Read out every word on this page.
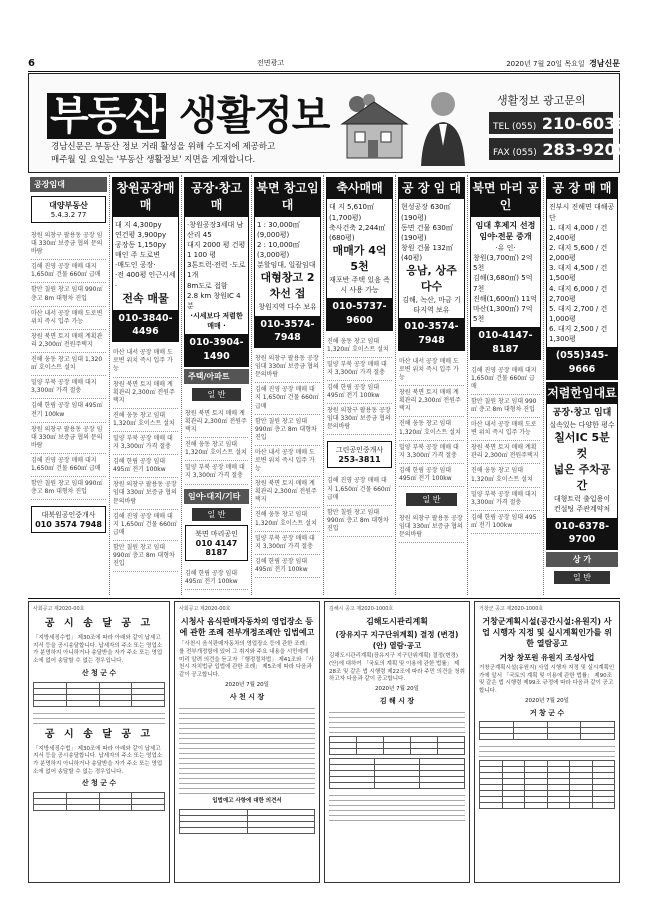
6	전면광고	2020년 7월 20일 목요일 경남신문
부동산 생활정보
경남신문은 부동산 정보 거래 활성을 위해 수도지에 제공하고
매주월 일 요일는 '부동산 생활정보' 지면을 게재합니다.
생활정보 광고문의
TEL (055) 210-6036
FAX (055) 283-9200
공장임대
대양부동산
5.4.3.2 77
창원 의창구 팔용동 공장 임대 330㎡ 보증금 협의 문의바람
김해 진영 공장 매매 대지 1,650㎡ 건물 660㎡ 급매
함안 칠원 창고 임대 990㎡ 층고 8m 대형차 진입
마산 내서 공장 매매 도로변 위치 즉시 입주 가능
창원 북면 토지 매매 계획관리 2,300㎡ 전원주택지
진해 웅동 창고 임대 1,320㎡ 호이스트 설치
밀양 부북 공장 매매 대지 3,300㎡ 가격 절충
김해 한림 공장 임대 495㎡ 전기 100kw
창원 의창구 팔용동 공장 임대 330㎡ 보증금 협의 문의바람
김해 진영 공장 매매 대지 1,650㎡ 건물 660㎡ 급매
함안 칠원 창고 임대 990㎡ 층고 8m 대형차 진입
대북원공인중개사
010 3574 7948
창원공장매매
대 지 4,300py
연건평 3,900py
공장동 1,150py
매인 주 도로변
·매도인 공장·
·전 400평 인근시세 ·
전속 매물
010-3840-4496
마산 내서 공장 매매 도로변 위치 즉시 입주 가능
창원 북면 토지 매매 계획관리 2,300㎡ 전원주택지
진해 웅동 창고 임대 1,320㎡ 호이스트 설치
밀양 부북 공장 매매 대지 3,300㎡ 가격 절충
김해 한림 공장 임대 495㎡ 전기 100kw
창원 의창구 팔용동 공장 임대 330㎡ 보증금 협의 문의바람
김해 진영 공장 매매 대지 1,650㎡ 건물 660㎡ 급매
함안 칠원 창고 임대 990㎡ 층고 8m 대형차 진입
공장·창고 매
·창원공장3세대 남산리 45
대지 2000 평 건평 1 100 평
3톤트럭·전력 ·도로 1개
8m도로 접함
2.8 km 창원IC 4분
·시세보다 저렴한 매매 ·
010-3904-1490
주택/아파트
일 반
창원 북면 토지 매매 계획관리 2,300㎡ 전원주택지
진해 웅동 창고 임대 1,320㎡ 호이스트 설치
밀양 부북 공장 매매 대지 3,300㎡ 가격 절충
임야·대지/기타
일 반
북면 마리공인
010 4147 8187
김해 한림 공장 임대 495㎡ 전기 100kw
북면 창고임대
1 : 30,000㎡(9,000평)
2 : 10,000㎡(3,000평)
분할임대, 일괄임대
대형창고 2차선 접
창원지역 다수 보유
010-3574-7948
창원 의창구 팔용동 공장 임대 330㎡ 보증금 협의 문의바람
김해 진영 공장 매매 대지 1,650㎡ 건물 660㎡ 급매
함안 칠원 창고 임대 990㎡ 층고 8m 대형차 진입
마산 내서 공장 매매 도로변 위치 즉시 입주 가능
창원 북면 토지 매매 계획관리 2,300㎡ 전원주택지
진해 웅동 창고 임대 1,320㎡ 호이스트 설치
밀양 부북 공장 매매 대지 3,300㎡ 가격 절충
김해 한림 공장 임대 495㎡ 전기 100kw
축사매매
대 지 5,610㎡(1,700평)
축사건축 2,244㎡(680평)
매매가 4억 5천
재포반 주택 있음 즉시 사용 가능
010-5737-9600
진해 웅동 창고 임대 1,320㎡ 호이스트 설치
밀양 부북 공장 매매 대지 3,300㎡ 가격 절충
김해 한림 공장 임대 495㎡ 전기 100kw
창원 의창구 팔용동 공장 임대 330㎡ 보증금 협의 문의바람
그린공인중개사
253-3811
김해 진영 공장 매매 대지 1,650㎡ 건물 660㎡ 급매
함안 칠원 창고 임대 990㎡ 층고 8m 대형차 진입
공 장 임 대
현성공장 630㎡(190평)
동면 건물 630㎡(190평)
창원 건물 132㎡(40평)
응남, 상주 다수
김해, 녹산, 마금 기타지역 보유
010-3574-7948
마산 내서 공장 매매 도로변 위치 즉시 입주 가능
창원 북면 토지 매매 계획관리 2,300㎡ 전원주택지
진해 웅동 창고 임대 1,320㎡ 호이스트 설치
밀양 부북 공장 매매 대지 3,300㎡ 가격 절충
김해 한림 공장 임대 495㎡ 전기 100kw
일 반
창원 의창구 팔용동 공장 임대 330㎡ 보증금 협의 문의바람
북면 마리 공인
임대 후제지 선정
임야·전문 중개
·유 인·
창원(3,700㎡) 2억 5천
김해(3,680㎡) 5억 7천
진해(1,600㎡) 11억
마산(1,300㎡) 7억 5천
010-4147-8187
김해 진영 공장 매매 대지 1,650㎡ 건물 660㎡ 급매
함안 칠원 창고 임대 990㎡ 층고 8m 대형차 진입
마산 내서 공장 매매 도로변 위치 즉시 입주 가능
창원 북면 토지 매매 계획관리 2,300㎡ 전원주택지
진해 웅동 창고 임대 1,320㎡ 호이스트 설치
밀양 부북 공장 매매 대지 3,300㎡ 가격 절충
김해 한림 공장 임대 495㎡ 전기 100kw
공 장 매 매
진부시 진해면 대해공단
1. 대지 4,000 / 건 2,400평
2. 대지 5,600 / 건 2,000평
3. 대지 4,500 / 건 1,500평
4. 대지 6,000 / 건 2,700평
5. 대지 2,700 / 건 1,000평
6. 대지 2,500 / 건 1,300평
(055)345-9666
저렴한임대료
공장·창고 임대
실속있는 다양한 평수
칠서IC 5분컷
넓은 주차공간
대형트럭 출입용이
컨설팅 주관계약처
010-6378-9700
상 가
일 반
사회공고 제2020-00호
공 시 송 달 공 고

「지방세징수법」 제30조에 따라 아래와 같이 납세고지서 등을 공시송달합니다. 납세자의 주소 또는 영업소가 분명하지 아니하거나 송달받을 자가 주소 또는 영업소에 없어 송달할 수 없는 경우입니다.

산 청 군 수

공 시 송 달 공 고

「지방세징수법」 제30조에 따라 아래와 같이 납세고지서 등을 공시송달합니다. 납세자의 주소 또는 영업소가 분명하지 아니하거나 송달받을 자가 주소 또는 영업소에 없어 송달할 수 없는 경우입니다.

산 청 군 수

사회공고 제2020-00호
시청사 음식판매자동차의 영업장소 등에 관한 조례 전부개정조례안 입법예고

「사천시 음식판매자동차의 영업장소 등에 관한 조례」를 전부개정함에 있어 그 취지와 주요 내용을 시민에게 미리 알려 의견을 듣고자 「행정절차법」 제41조와 「사천시 자치법규 입법에 관한 조례」 제5조에 따라 다음과 같이 공고합니다.

2020년 7월 20일
사 천 시 장
입법예고 사항에 대한 의견서

김해시 공고 제2020-1000호
김해도시관리계획
(장유지구 지구단위계획) 결정 (변경)(안) 열람·공고

김해도시관리계획(장유지구 지구단위계획) 결정(변경)(안)에 대하여 「국토의 계획 및 이용에 관한 법률」 제28조 및 같은 법 시행령 제22조에 따라 주민 의견을 청취하고자 다음과 같이 공고합니다.

2020년 7월 20일
김 해 시 장

거창군 공고 제2020-1000호
거창군계획시설(공간시설:유원지) 사업 시행자 지정 및 실시계획인가를 위한 열람공고
거창 창포원 유원지 조성사업

거창군계획시설(유원지) 사업 시행자 지정 및 실시계획인가에 앞서 「국토의 계획 및 이용에 관한 법률」 제90조 및 같은 법 시행령 제99조 규정에 따라 다음과 같이 공고합니다.

2020년 7월 20일
거 창 군 수
